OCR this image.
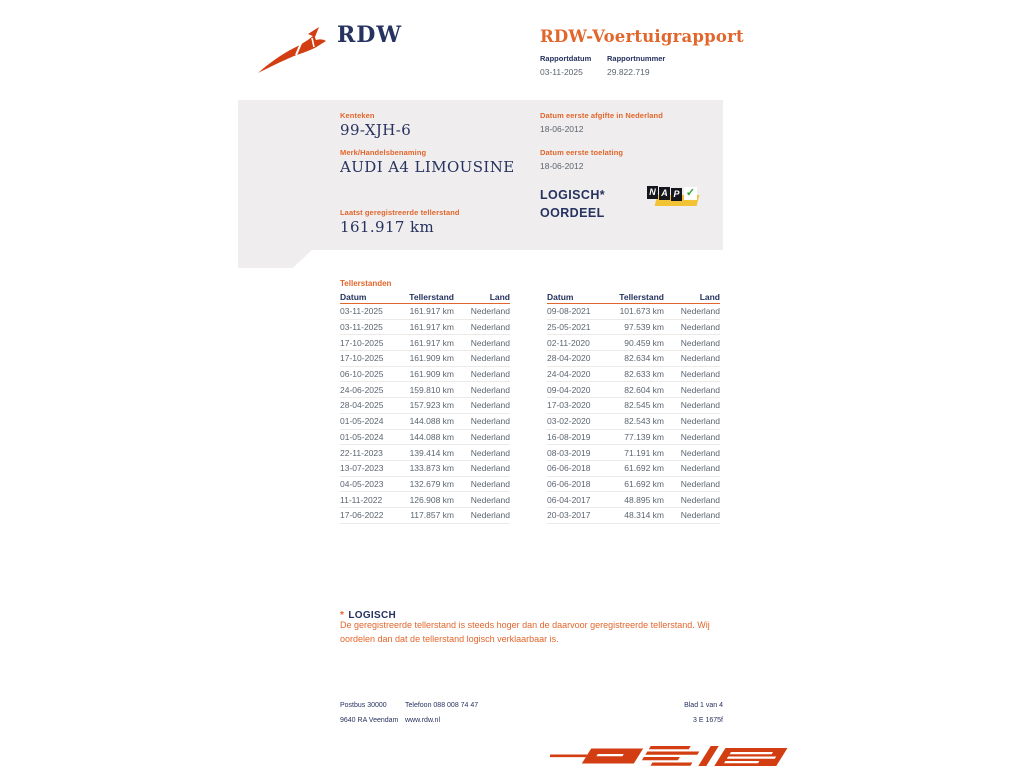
RDW	RDW-Voertuigrapport
Rapportdatum
03-11-2025
Rapportnummer
29.822.719
Kenteken
99-XJH-6
Merk/Handelsbenaming
AUDI A4 LIMOUSINE
Laatst geregistreerde tellerstand
161.917 km
Datum eerste afgifte in Nederland
18-06-2012
Datum eerste toelating
18-06-2012
LOGISCH*
OORDEEL
N A P ✓
Tellerstanden
Datum	Tellerstand	Land
03-11-2025	161.917 km	Nederland
03-11-2025	161.917 km	Nederland
17-10-2025	161.917 km	Nederland
17-10-2025	161.909 km	Nederland
06-10-2025	161.909 km	Nederland
24-06-2025	159.810 km	Nederland
28-04-2025	157.923 km	Nederland
01-05-2024	144.088 km	Nederland
01-05-2024	144.088 km	Nederland
22-11-2023	139.414 km	Nederland
13-07-2023	133.873 km	Nederland
04-05-2023	132.679 km	Nederland
11-11-2022	126.908 km	Nederland
17-06-2022	117.857 km	Nederland
Datum	Tellerstand	Land
09-08-2021	101.673 km	Nederland
25-05-2021	97.539 km	Nederland
02-11-2020	90.459 km	Nederland
28-04-2020	82.634 km	Nederland
24-04-2020	82.633 km	Nederland
09-04-2020	82.604 km	Nederland
17-03-2020	82.545 km	Nederland
03-02-2020	82.543 km	Nederland
16-08-2019	77.139 km	Nederland
08-03-2019	71.191 km	Nederland
06-06-2018	61.692 km	Nederland
06-06-2018	61.692 km	Nederland
06-04-2017	48.895 km	Nederland
20-03-2017	48.314 km	Nederland
* LOGISCH
De geregistreerde tellerstand is steeds hoger dan de daarvoor geregistreerde tellerstand. Wij oordelen dan dat de tellerstand logisch verklaarbaar is.
Postbus 30000
9640 RA Veendam
Telefoon 088 008 74 47
www.rdw.nl
Blad 1 van 4
3 E 1675f
